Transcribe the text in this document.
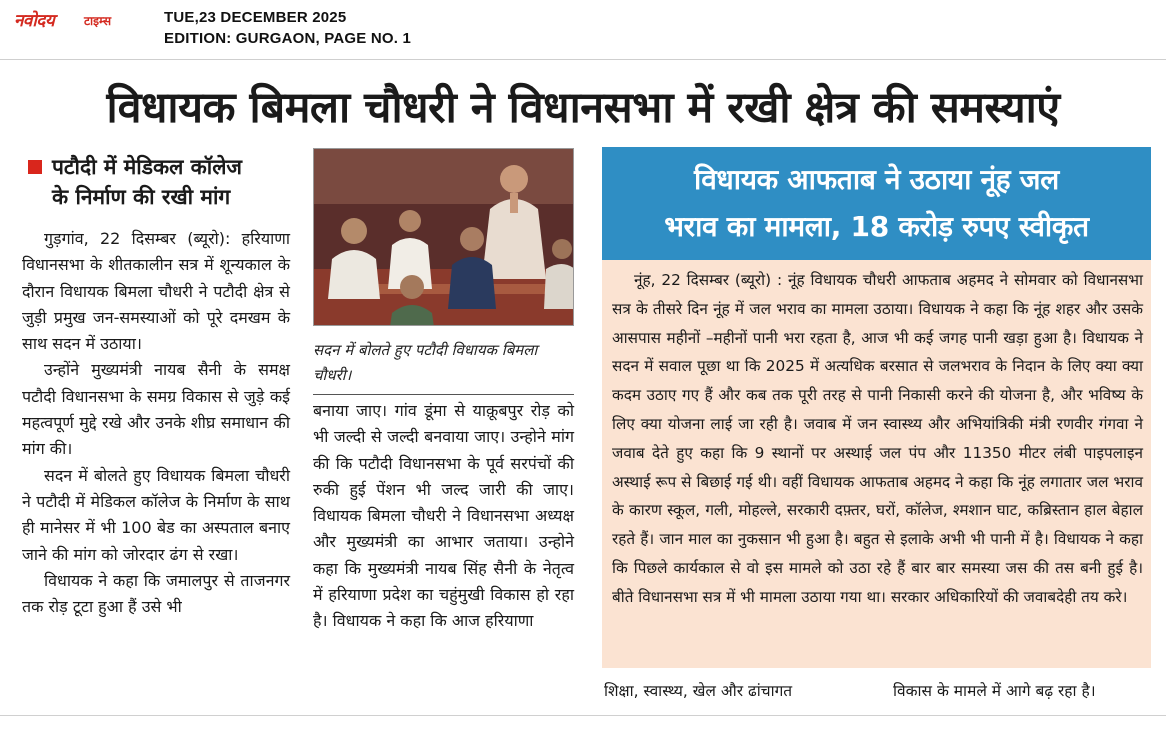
नवोदय टाइम्स	TUE,23 DECEMBER 2025
EDITION: GURGAON, PAGE NO. 1
विधायक बिमला चौधरी ने विधानसभा में रखी क्षेत्र की समस्याएं
पटौदी में मेडिकल कॉलेज
के निर्माण की रखी मांग

गुड़गांव, 22 दिसम्बर (ब्यूरो): हरियाणा विधानसभा के शीतकालीन सत्र में शून्यकाल के दौरान विधायक बिमला चौधरी ने पटौदी क्षेत्र से जुड़ी प्रमुख जन-समस्याओं को पूरे दमखम के साथ सदन में उठाया।

उन्होंने मुख्यमंत्री नायब सैनी के समक्ष पटौदी विधानसभा के समग्र विकास से जुड़े कई महत्वपूर्ण मुद्दे रखे और उनके शीघ्र समाधान की मांग की।

सदन में बोलते हुए विधायक बिमला चौधरी ने पटौदी में मेडिकल कॉलेज के निर्माण के साथ ही मानेसर में भी 100 बेड का अस्पताल बनाए जाने की मांग को जोरदार ढंग से रखा।

विधायक ने कहा कि जमालपुर से ताजनगर तक रोड़ टूटा हुआ हैं उसे भी

सदन में बोलते हुए पटौदी विधायक बिमला चौधरी।
बनाया जाए। गांव डूंमा से याक़ूबपुर रोड़ को भी जल्दी से जल्दी बनवाया जाए। उन्होने मांग की कि पटौदी विधानसभा के पूर्व सरपंचों की रुकी हुई पेंशन भी जल्द जारी की जाए। विधायक बिमला चौधरी ने विधानसभा अध्यक्ष और मुख्यमंत्री का आभार जताया। उन्होने कहा कि मुख्यमंत्री नायब सिंह सैनी के नेतृत्व में हरियाणा प्रदेश का चहुंमुखी विकास हो रहा है। विधायक ने कहा कि आज हरियाणा
विधायक आफताब ने उठाया नूंह जल
भराव का मामला, 18 करोड़ रुपए स्वीकृत

नूंह, 22 दिसम्बर (ब्यूरो) : नूंह विधायक चौधरी आफताब अहमद ने सोमवार को विधानसभा सत्र के तीसरे दिन नूंह में जल भराव का मामला उठाया। विधायक ने कहा कि नूंह शहर और उसके आसपास महीनों –महीनों पानी भरा रहता है, आज भी कई जगह पानी खड़ा हुआ है। विधायक ने सदन में सवाल पूछा था कि 2025 में अत्यधिक बरसात से जलभराव के निदान के लिए क्या क्या कदम उठाए गए हैं और कब तक पूरी तरह से पानी निकासी करने की योजना है, और भविष्य के लिए क्या योजना लाई जा रही है। जवाब में जन स्वास्थ्य और अभियांत्रिकी मंत्री रणवीर गंगवा ने जवाब देते हुए कहा कि 9 स्थानों पर अस्थाई जल पंप और 11350 मीटर लंबी पाइपलाइन अस्थाई रूप से बिछाई गई थी। वहीं विधायक आफताब अहमद ने कहा कि नूंह लगातार जल भराव के कारण स्कूल, गली, मोहल्ले, सरकारी दफ़्तर, घरों, कॉलेज, श्मशान घाट, कब्रिस्तान हाल बेहाल रहते हैं। जान माल का नुकसान भी हुआ है। बहुत से इलाके अभी भी पानी में है। विधायक ने कहा कि पिछले कार्यकाल से वो इस मामले को उठा रहे हैं बार बार समस्या जस की तस बनी हुई है। बीते विधानसभा सत्र में भी मामला उठाया गया था। सरकार अधिकारियों की जवाबदेही तय करे।

शिक्षा, स्वास्थ्य, खेल और ढांचागत	विकास के मामले में आगे बढ़ रहा है।
